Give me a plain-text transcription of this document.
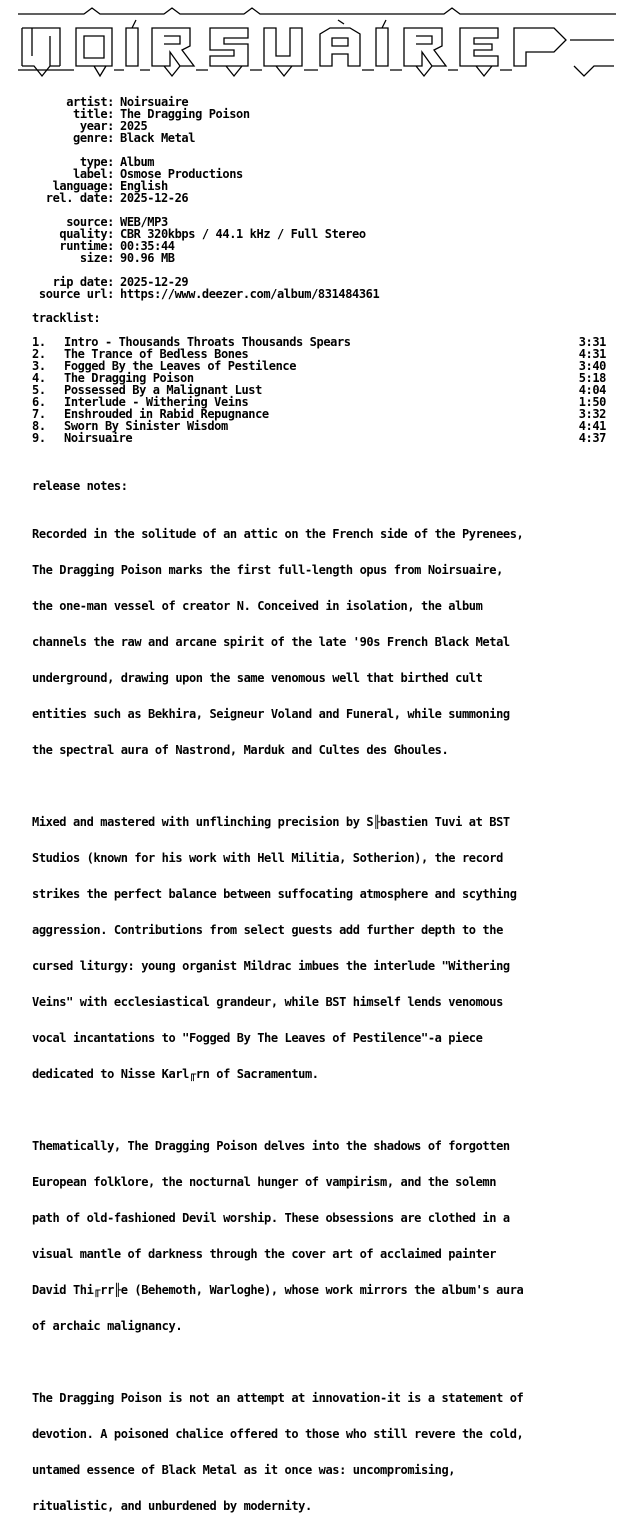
artist: Noirsuaire
title: The Dragging Poison
year: 2025
genre: Black Metal
type: Album
label: Osmose Productions
language: English
rel. date: 2025-12-26
source: WEB/MP3
quality: CBR 320kbps / 44.1 kHz / Full Stereo
runtime: 00:35:44
size: 90.96 MB
rip date: 2025-12-29
source url: https://www.deezer.com/album/831484361
tracklist:
1.	Intro - Thousands Throats Thousands Spears	3:31
2.	The Trance of Bedless Bones	4:31
3.	Fogged By the Leaves of Pestilence	3:40
4.	The Dragging Poison	5:18
5.	Possessed By a Malignant Lust	4:04
6.	Interlude - Withering Veins	1:50
7.	Enshrouded in Rabid Repugnance	3:32
8.	Sworn By Sinister Wisdom	4:41
9.	Noirsuaire	4:37
release notes:

Recorded in the solitude of an attic on the French side of the Pyrenees,

The Dragging Poison marks the first full-length opus from Noirsuaire,

the one-man vessel of creator N. Conceived in isolation, the album

channels the raw and arcane spirit of the late '90s French Black Metal

underground, drawing upon the same venomous well that birthed cult

entities such as Bekhira, Seigneur Voland and Funeral, while summoning

the spectral aura of Nastrond, Marduk and Cultes des Ghoules.

Mixed and mastered with unflinching precision by S╟bastien Tuvi at BST

Studios (known for his work with Hell Militia, Sotherion), the record

strikes the perfect balance between suffocating atmosphere and scything

aggression. Contributions from select guests add further depth to the

cursed liturgy: young organist Mildrac imbues the interlude "Withering

Veins" with ecclesiastical grandeur, while BST himself lends venomous

vocal incantations to "Fogged By The Leaves of Pestilence"-a piece

dedicated to Nisse Karl╓rn of Sacramentum.

Thematically, The Dragging Poison delves into the shadows of forgotten

European folklore, the nocturnal hunger of vampirism, and the solemn

path of old-fashioned Devil worship. These obsessions are clothed in a

visual mantle of darkness through the cover art of acclaimed painter

David Thi╓rr╟e (Behemoth, Warloghe), whose work mirrors the album's aura

of archaic malignancy.

The Dragging Poison is not an attempt at innovation-it is a statement of

devotion. A poisoned chalice offered to those who still revere the cold,

untamed essence of Black Metal as it once was: uncompromising,

ritualistic, and unburdened by modernity.
